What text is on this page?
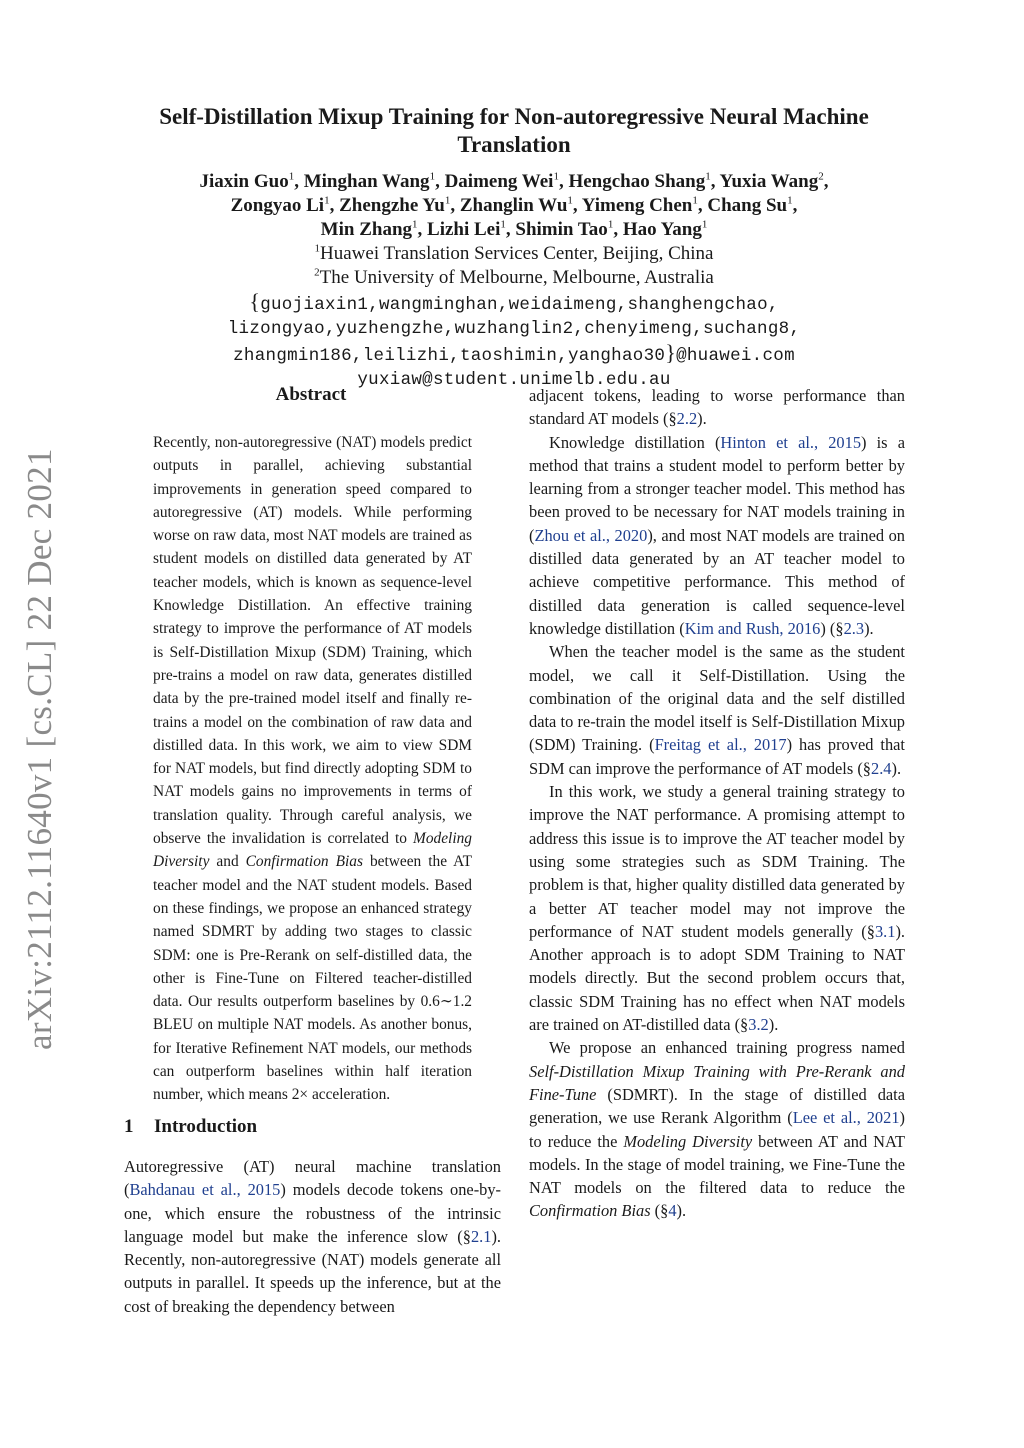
Self-Distillation Mixup Training for Non-autoregressive Neural Machine
Translation
Jiaxin Guo$^1$, Minghan Wang$^1$, Daimeng Wei$^1$, Hengchao Shang$^1$, Yuxia Wang$^2$,
Zongyao Li$^1$, Zhengzhe Yu$^1$, Zhanglin Wu$^1$, Yimeng Chen$^1$, Chang Su$^1$,
Min Zhang$^1$, Lizhi Lei$^1$, Shimin Tao$^1$, Hao Yang$^1$
$^1$Huawei Translation Services Center, Beijing, China
$^2$The University of Melbourne, Melbourne, Australia
{guojiaxin1,wangminghan,weidaimeng,shanghengchao,
lizongyao,yuzhengzhe,wuzhanglin2,chenyimeng,suchang8,
zhangmin186,leilizhi,taoshimin,yanghao30}@huawei.com
yuxiaw@student.unimelb.edu.au
arXiv:2112.11640v1 [cs.CL] 22 Dec 2021
Abstract
Recently, non-autoregressive (NAT) models predict outputs in parallel, achieving substantial improvements in generation speed compared to autoregressive (AT) models. While performing worse on raw data, most NAT models are trained as student models on distilled data generated by AT teacher models, which is known as sequence-level Knowledge Distillation. An effective training strategy to improve the performance of AT models is Self-Distillation Mixup (SDM) Training, which pre-trains a model on raw data, generates distilled data by the pre-trained model itself and finally re-trains a model on the combination of raw data and distilled data. In this work, we aim to view SDM for NAT models, but find directly adopting SDM to NAT models gains no improvements in terms of translation quality. Through careful analysis, we observe the invalidation is correlated to Modeling Diversity and Confirmation Bias between the AT teacher model and the NAT student models. Based on these findings, we propose an enhanced strategy named SDMRT by adding two stages to classic SDM: one is Pre-Rerank on self-distilled data, the other is Fine-Tune on Filtered teacher-distilled data. Our results outperform baselines by 0.6∼1.2 BLEU on multiple NAT models. As another bonus, for Iterative Refinement NAT models, our methods can outperform baselines within half iteration number, which means 2× acceleration.
1 Introduction
Autoregressive (AT) neural machine translation (Bahdanau et al., 2015) models decode tokens one-by-one, which ensure the robustness of the intrinsic language model but make the inference slow (§2.1). Recently, non-autoregressive (NAT) models generate all outputs in parallel. It speeds up the inference, but at the cost of breaking the dependency between

adjacent tokens, leading to worse performance than standard AT models (§2.2).

Knowledge distillation (Hinton et al., 2015) is a method that trains a student model to perform better by learning from a stronger teacher model. This method has been proved to be necessary for NAT models training in (Zhou et al., 2020), and most NAT models are trained on distilled data generated by an AT teacher model to achieve competitive performance. This method of distilled data generation is called sequence-level knowledge distillation (Kim and Rush, 2016) (§2.3).

When the teacher model is the same as the student model, we call it Self-Distillation. Using the combination of the original data and the self distilled data to re-train the model itself is Self-Distillation Mixup (SDM) Training. (Freitag et al., 2017) has proved that SDM can improve the performance of AT models (§2.4).

In this work, we study a general training strategy to improve the NAT performance. A promising attempt to address this issue is to improve the AT teacher model by using some strategies such as SDM Training. The problem is that, higher quality distilled data generated by a better AT teacher model may not improve the performance of NAT student models generally (§3.1). Another approach is to adopt SDM Training to NAT models directly. But the second problem occurs that, classic SDM Training has no effect when NAT models are trained on AT-distilled data (§3.2).

We propose an enhanced training progress named Self-Distillation Mixup Training with Pre-Rerank and Fine-Tune (SDMRT). In the stage of distilled data generation, we use Rerank Algorithm (Lee et al., 2021) to reduce the Modeling Diversity between AT and NAT models. In the stage of model training, we Fine-Tune the NAT models on the filtered data to reduce the Confirmation Bias (§4).
